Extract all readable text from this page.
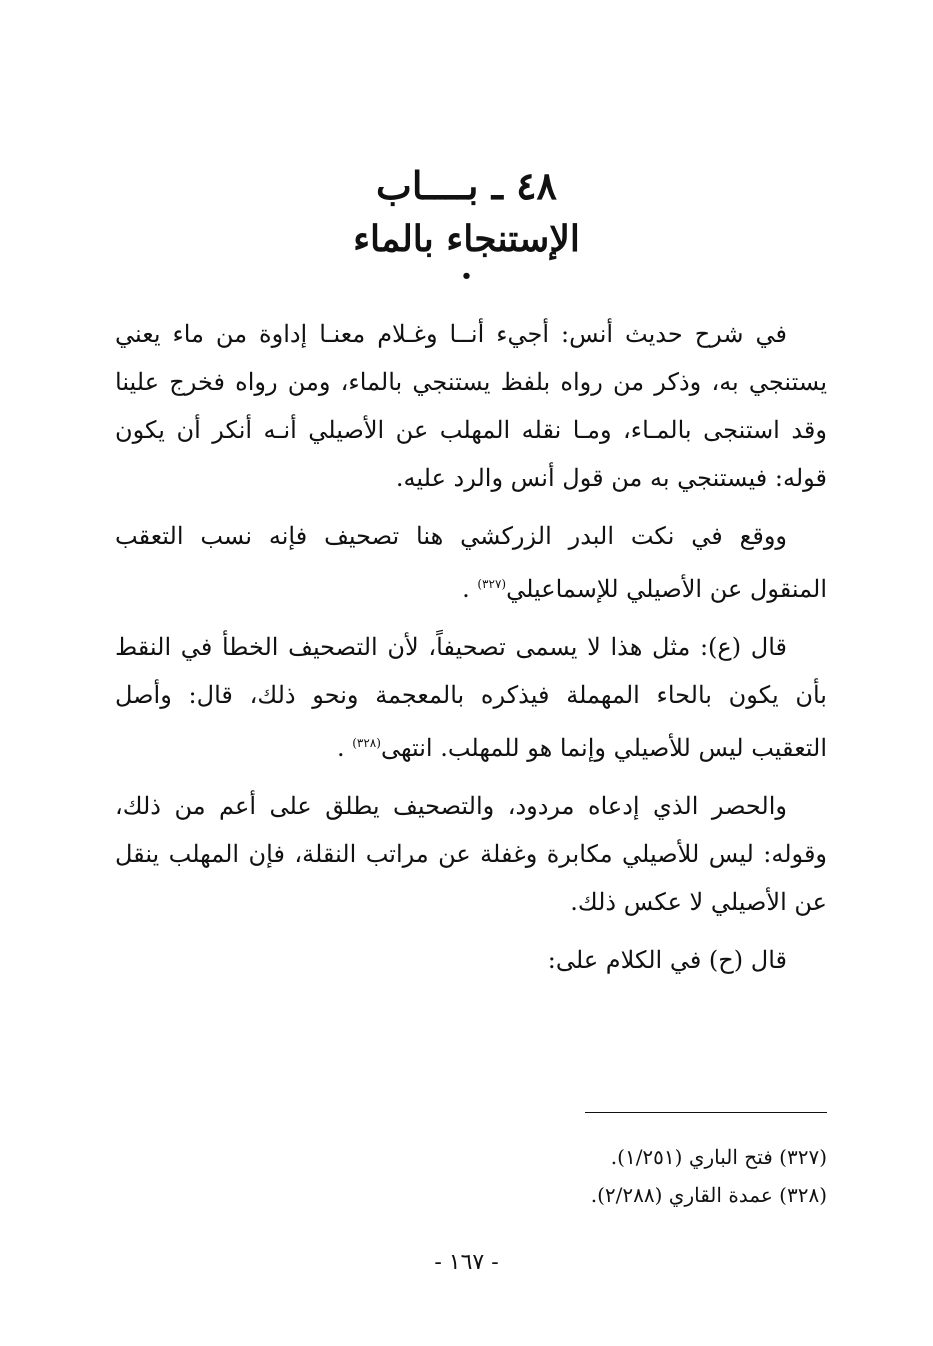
٤٨ ـ بــــاب
الإستنجاء بالماء
•

في شرح حديث أنس: أجيء أنــا وغـلام معنـا إداوة من ماء يعني يستنجي به، وذكر من رواه بلفظ يستنجي بالماء، ومن رواه فخرج علينا وقد استنجى بالمـاء، ومـا نقله المهلب عن الأصيلي أنـه أنكر أن يكون قوله: فيستنجي به من قول أنس والرد عليه.

ووقع في نكت البدر الزركشي هنا تصحيف فإنه نسب التعقب المنقول عن الأصيلي للإسماعيلي$^{(٣٢٧)}$ .

قال (ع): مثل هذا لا يسمى تصحيفاً، لأن التصحيف الخطأ في النقط بأن يكون بالحاء المهملة فيذكره بالمعجمة ونحو ذلك، قال: وأصل التعقيب ليس للأصيلي وإنما هو للمهلب. انتهى$^{(٣٢٨)}$ .

والحصر الذي إدعاه مردود، والتصحيف يطلق على أعم من ذلك، وقوله: ليس للأصيلي مكابرة وغفلة عن مراتب النقلة، فإن المهلب ينقل عن الأصيلي لا عكس ذلك.

قال (ح) في الكلام على:

(٣٢٧) فتح الباري (١/٢٥١).
(٣٢٨) عمدة القاري (٢/٢٨٨).
- ١٦٧ -
